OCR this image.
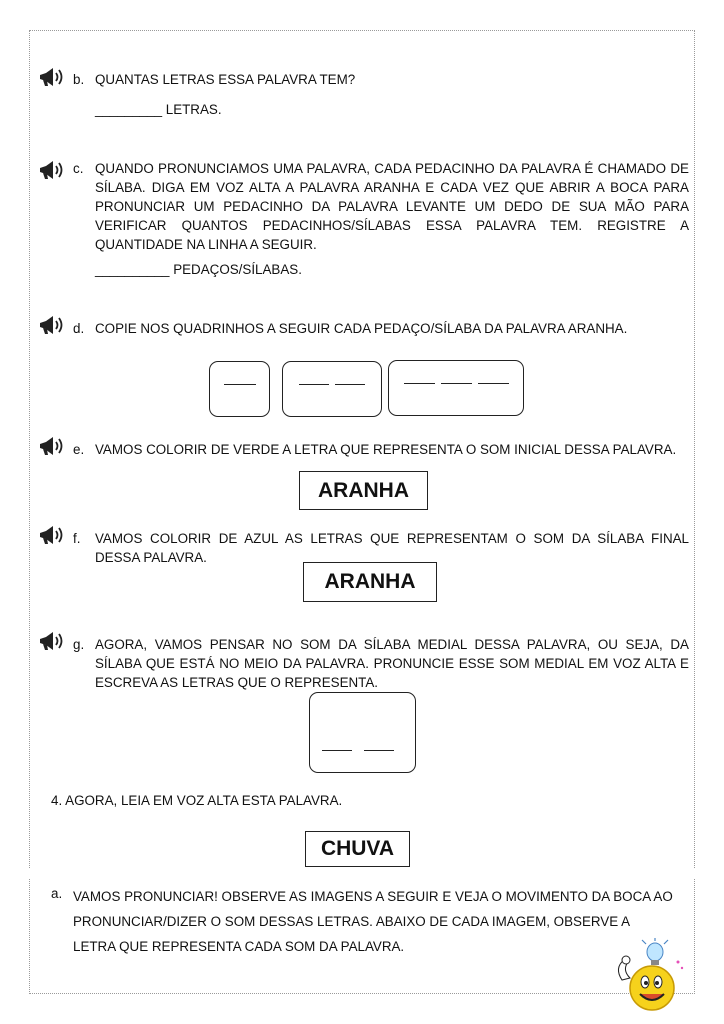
b. QUANTAS LETRAS ESSA PALAVRA TEM?
_________ LETRAS.
c. QUANDO PRONUNCIAMOS UMA PALAVRA, CADA PEDACINHO DA PALAVRA É CHAMADO DE SÍLABA. DIGA EM VOZ ALTA A PALAVRA ARANHA E CADA VEZ QUE ABRIR A BOCA PARA PRONUNCIAR UM PEDACINHO DA PALAVRA LEVANTE UM DEDO DE SUA MÃO PARA VERIFICAR QUANTOS PEDACINHOS/SÍLABAS ESSA PALAVRA TEM. REGISTRE A QUANTIDADE NA LINHA A SEGUIR.
__________ PEDAÇOS/SÍLABAS.
d. COPIE NOS QUADRINHOS A SEGUIR CADA PEDAÇO/SÍLABA DA PALAVRA ARANHA.
e. VAMOS COLORIR DE VERDE A LETRA QUE REPRESENTA O SOM INICIAL DESSA PALAVRA.
ARANHA
f. VAMOS COLORIR DE AZUL AS LETRAS QUE REPRESENTAM O SOM DA SÍLABA FINAL DESSA PALAVRA.
ARANHA
g. AGORA, VAMOS PENSAR NO SOM DA SÍLABA MEDIAL DESSA PALAVRA, OU SEJA, DA SÍLABA QUE ESTÁ NO MEIO DA PALAVRA. PRONUNCIE ESSE SOM MEDIAL EM VOZ ALTA E ESCREVA AS LETRAS QUE O REPRESENTA.
4. AGORA, LEIA EM VOZ ALTA ESTA PALAVRA.
CHUVA
a. VAMOS PRONUNCIAR! OBSERVE AS IMAGENS A SEGUIR E VEJA O MOVIMENTO DA BOCA AO PRONUNCIAR/DIZER O SOM DESSAS LETRAS. ABAIXO DE CADA IMAGEM, OBSERVE A LETRA QUE REPRESENTA CADA SOM DA PALAVRA.
